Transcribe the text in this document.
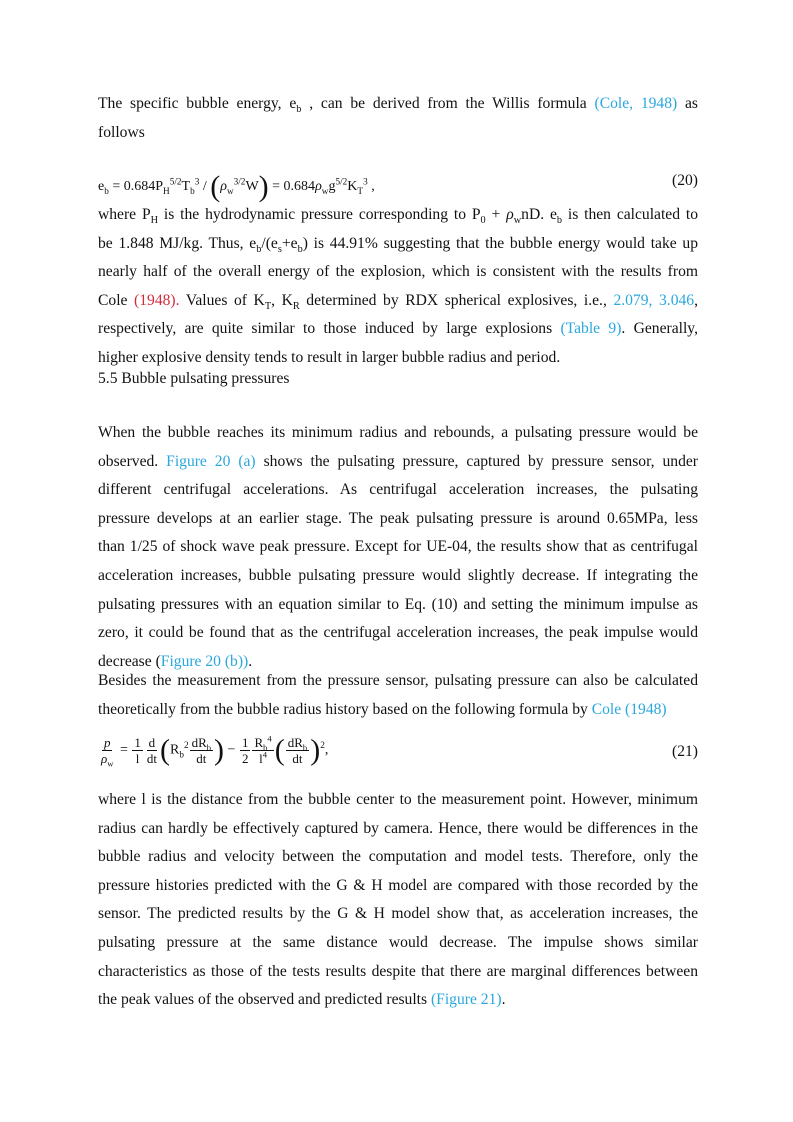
The specific bubble energy, $e_b$ , can be derived from the Willis formula (Cole, 1948) as
follows
$e_b = 0.684P_H^{5/2}T_b^3 / (\rho_w^{3/2}W) = 0.684\rho_wg^{5/2}K_T^3$ ,	(20)
where $P_H$ is the hydrodynamic pressure corresponding to $P_0 + \rho_wnD$. $e_b$ is then calculated to
be 1.848 MJ/kg. Thus, $e_b/(e_s+e_b)$ is 44.91% suggesting that the bubble energy would take up
nearly half of the overall energy of the explosion, which is consistent with the results from
Cole (1948). Values of $K_T$, $K_R$ determined by RDX spherical explosives, i.e., 2.079, 3.046,
respectively, are quite similar to those induced by large explosions (Table 9). Generally,
higher explosive density tends to result in larger bubble radius and period.
5.5 Bubble pulsating pressures
When the bubble reaches its minimum radius and rebounds, a pulsating pressure would be
observed. Figure 20 (a) shows the pulsating pressure, captured by pressure sensor, under
different centrifugal accelerations. As centrifugal acceleration increases, the pulsating
pressure develops at an earlier stage. The peak pulsating pressure is around 0.65MPa, less
than 1/25 of shock wave peak pressure. Except for UE-04, the results show that as centrifugal
acceleration increases, bubble pulsating pressure would slightly decrease. If integrating the
pulsating pressures with an equation similar to Eq. (10) and setting the minimum impulse as
zero, it could be found that as the centrifugal acceleration increases, the peak impulse would
decrease (Figure 20 (b)).
Besides the measurement from the pressure sensor, pulsating pressure can also be calculated
theoretically from the bubble radius history based on the following formula by Cole (1948)
$\frac{p}{\rho_w} = \frac{1}{l} \frac{d}{dt} (R_b^2 \frac{dR_b}{dt}$ ) − $\frac{1}{2} \frac{R_b^4}{l^4}$ ( $\frac{dR_b}{dt} )^2$,	(21)
where l is the distance from the bubble center to the measurement point. However, minimum
radius can hardly be effectively captured by camera. Hence, there would be differences in the
bubble radius and velocity between the computation and model tests. Therefore, only the
pressure histories predicted with the G & H model are compared with those recorded by the
sensor. The predicted results by the G & H model show that, as acceleration increases, the
pulsating pressure at the same distance would decrease. The impulse shows similar
characteristics as those of the tests results despite that there are marginal differences between
the peak values of the observed and predicted results (Figure 21).
